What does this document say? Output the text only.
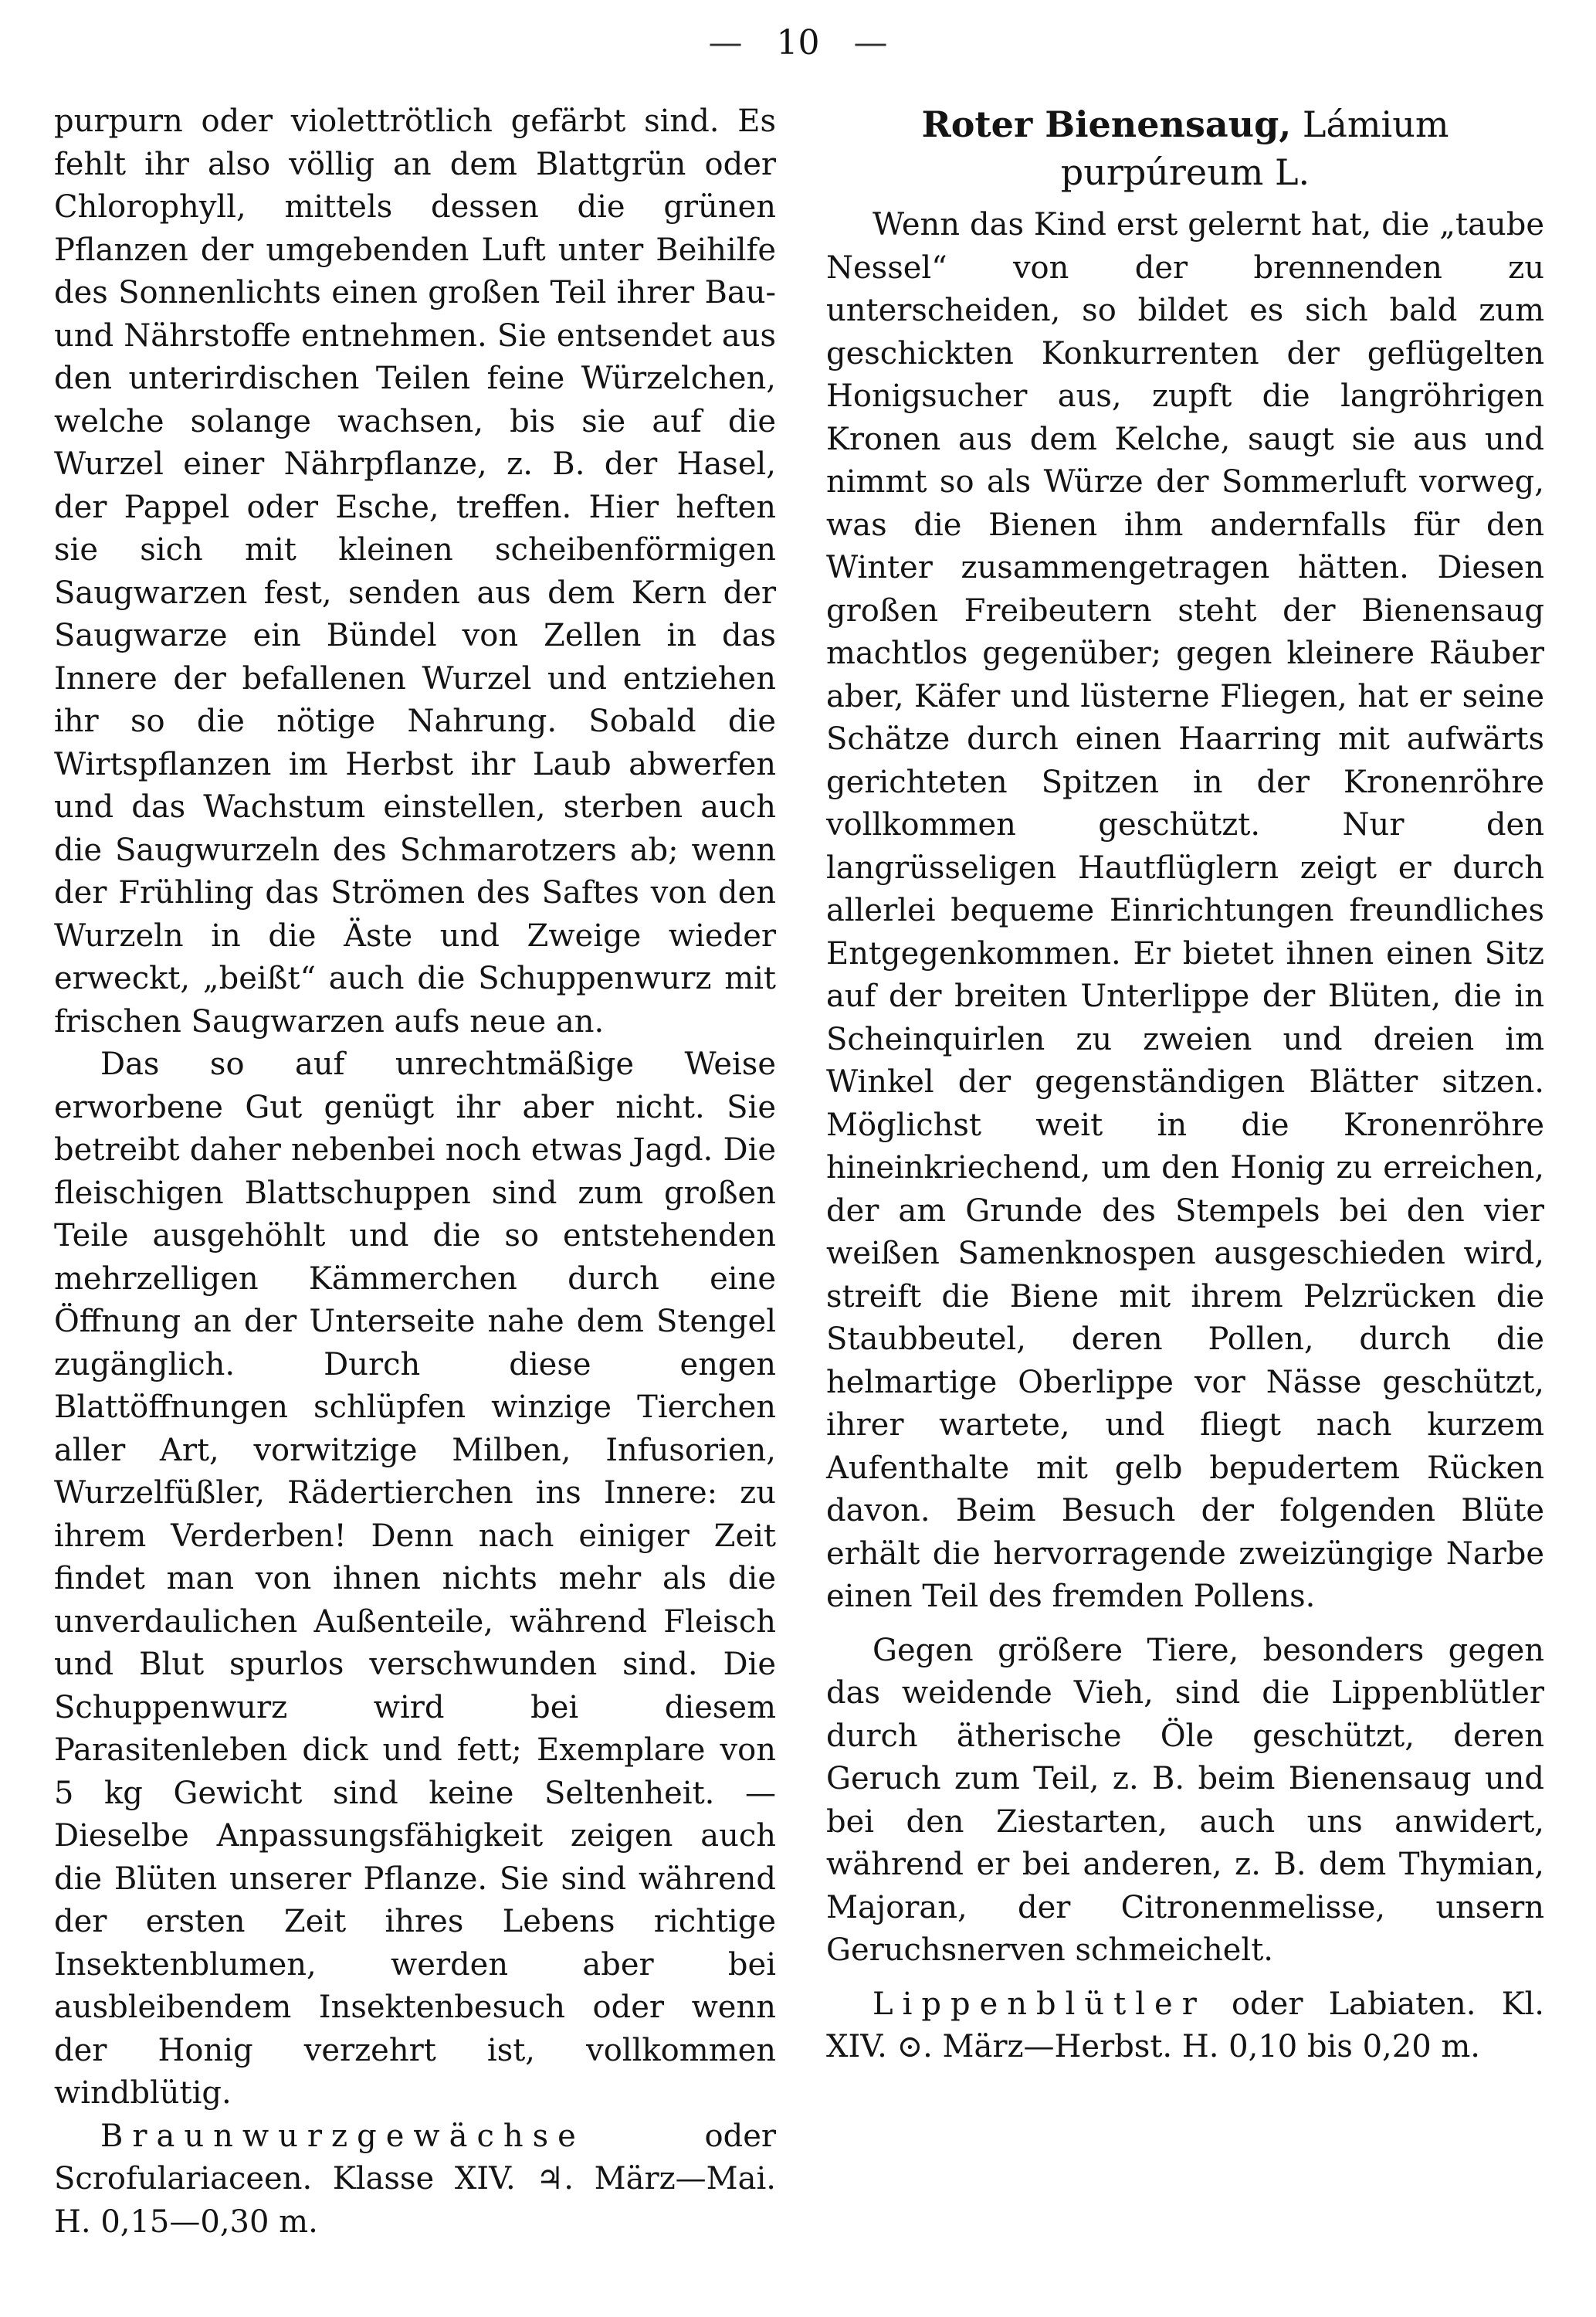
— 10 —

purpurn oder violettrötlich gefärbt sind. Es fehlt ihr also völlig an dem Blattgrün oder Chlorophyll, mittels dessen die grünen Pflanzen der umgebenden Luft unter Beihilfe des Sonnenlichts einen großen Teil ihrer Bau- und Nährstoffe entnehmen. Sie entsendet aus den unterirdischen Teilen feine Würzelchen, welche solange wachsen, bis sie auf die Wurzel einer Nährpflanze, z. B. der Hasel, der Pappel oder Esche, treffen. Hier heften sie sich mit kleinen scheibenförmigen Saugwarzen fest, senden aus dem Kern der Saugwarze ein Bündel von Zellen in das Innere der befallenen Wurzel und entziehen ihr so die nötige Nahrung. Sobald die Wirtspflanzen im Herbst ihr Laub abwerfen und das Wachstum einstellen, sterben auch die Saugwurzeln des Schmarotzers ab; wenn der Frühling das Strömen des Saftes von den Wurzeln in die Äste und Zweige wieder erweckt, „beißt“ auch die Schuppenwurz mit frischen Saugwarzen aufs neue an.

Das so auf unrechtmäßige Weise erworbene Gut genügt ihr aber nicht. Sie betreibt daher nebenbei noch etwas Jagd. Die fleischigen Blattschuppen sind zum großen Teile ausgehöhlt und die so entstehenden mehrzelligen Kämmerchen durch eine Öffnung an der Unterseite nahe dem Stengel zugänglich. Durch diese engen Blattöffnungen schlüpfen winzige Tierchen aller Art, vorwitzige Milben, Infusorien, Wurzelfüßler, Rädertierchen ins Innere: zu ihrem Verderben! Denn nach einiger Zeit findet man von ihnen nichts mehr als die unverdaulichen Außenteile, während Fleisch und Blut spurlos verschwunden sind. Die Schuppenwurz wird bei diesem Parasitenleben dick und fett; Exemplare von 5 kg Gewicht sind keine Seltenheit. — Dieselbe Anpassungsfähigkeit zeigen auch die Blüten unserer Pflanze. Sie sind während der ersten Zeit ihres Lebens richtige Insektenblumen, werden aber bei ausbleibendem Insektenbesuch oder wenn der Honig verzehrt ist, vollkommen windblütig.

Braunwurzgewächse oder Scrofulariaceen. Klasse XIV. ♃. März—Mai. H. 0,15—0,30 m.

Roter Bienensaug, Lámium purpúreum L.

Wenn das Kind erst gelernt hat, die „taube Nessel“ von der brennenden zu unterscheiden, so bildet es sich bald zum geschickten Konkurrenten der geflügelten Honigsucher aus, zupft die langröhrigen Kronen aus dem Kelche, saugt sie aus und nimmt so als Würze der Sommerluft vorweg, was die Bienen ihm andernfalls für den Winter zusammengetragen hätten. Diesen großen Freibeutern steht der Bienensaug machtlos gegenüber; gegen kleinere Räuber aber, Käfer und lüsterne Fliegen, hat er seine Schätze durch einen Haarring mit aufwärts gerichteten Spitzen in der Kronenröhre vollkommen geschützt. Nur den langrüsseligen Hautflüglern zeigt er durch allerlei bequeme Einrichtungen freundliches Entgegenkommen. Er bietet ihnen einen Sitz auf der breiten Unterlippe der Blüten, die in Scheinquirlen zu zweien und dreien im Winkel der gegenständigen Blätter sitzen. Möglichst weit in die Kronenröhre hineinkriechend, um den Honig zu erreichen, der am Grunde des Stempels bei den vier weißen Samenknospen ausgeschieden wird, streift die Biene mit ihrem Pelzrücken die Staubbeutel, deren Pollen, durch die helmartige Oberlippe vor Nässe geschützt, ihrer wartete, und fliegt nach kurzem Aufenthalte mit gelb bepudertem Rücken davon. Beim Besuch der folgenden Blüte erhält die hervorragende zweizüngige Narbe einen Teil des fremden Pollens.

Gegen größere Tiere, besonders gegen das weidende Vieh, sind die Lippenblütler durch ätherische Öle geschützt, deren Geruch zum Teil, z. B. beim Bienensaug und bei den Ziestarten, auch uns anwidert, während er bei anderen, z. B. dem Thymian, Majoran, der Citronenmelisse, unsern Geruchsnerven schmeichelt.

Lippenblütler oder Labiaten. Kl. XIV. ⊙. März—Herbst. H. 0,10 bis 0,20 m.
